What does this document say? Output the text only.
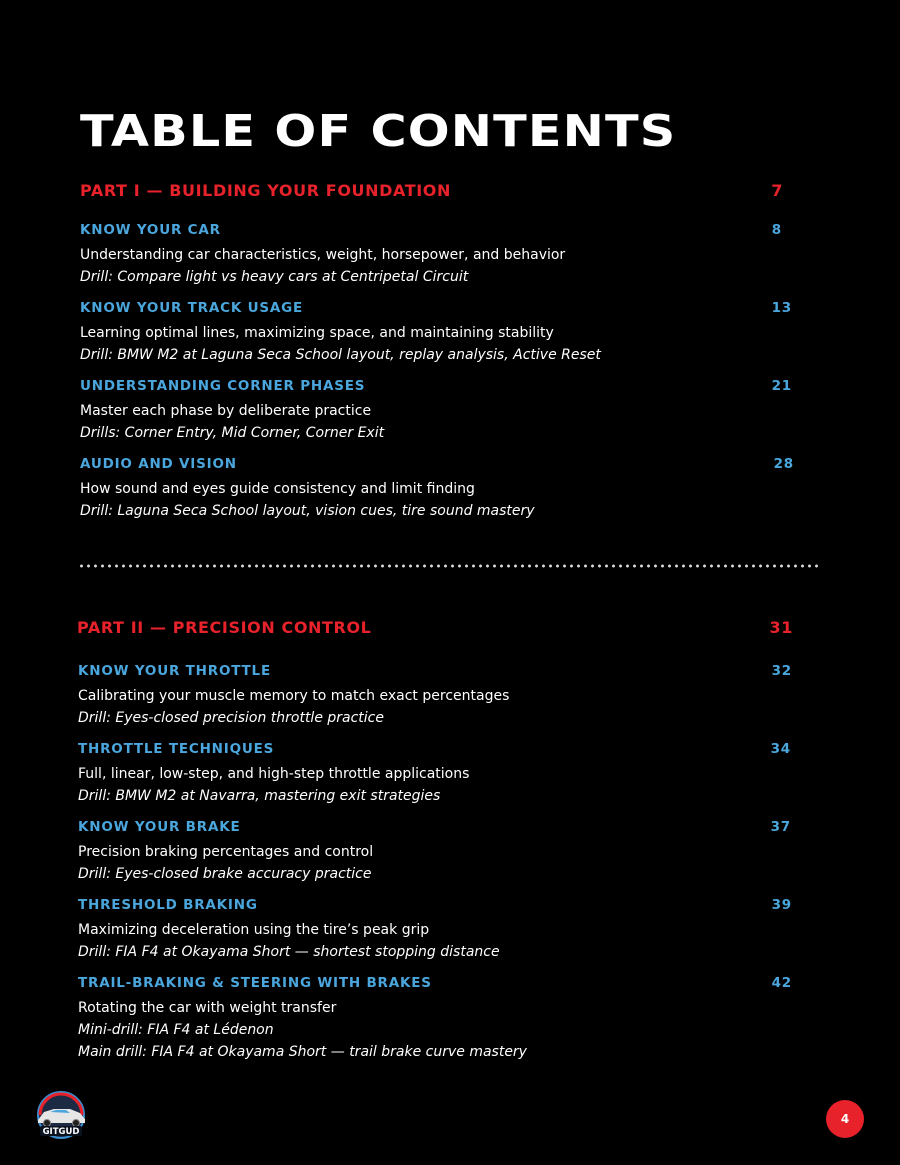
TABLE OF CONTENTS
PART I — BUILDING YOUR FOUNDATION	7
KNOW YOUR CAR	8
Understanding car characteristics, weight, horsepower, and behavior
Drill: Compare light vs heavy cars at Centripetal Circuit
KNOW YOUR TRACK USAGE	13
Learning optimal lines, maximizing space, and maintaining stability
Drill: BMW M2 at Laguna Seca School layout, replay analysis, Active Reset
UNDERSTANDING CORNER PHASES	21
Master each phase by deliberate practice
Drills: Corner Entry, Mid Corner, Corner Exit
AUDIO AND VISION	28
How sound and eyes guide consistency and limit finding
Drill: Laguna Seca School layout, vision cues, tire sound mastery
PART II — PRECISION CONTROL	31
KNOW YOUR THROTTLE	32
Calibrating your muscle memory to match exact percentages
Drill: Eyes-closed precision throttle practice
THROTTLE TECHNIQUES	34
Full, linear, low-step, and high-step throttle applications
Drill: BMW M2 at Navarra, mastering exit strategies
KNOW YOUR BRAKE	37
Precision braking percentages and control
Drill: Eyes-closed brake accuracy practice
THRESHOLD BRAKING	39
Maximizing deceleration using the tire’s peak grip
Drill: FIA F4 at Okayama Short — shortest stopping distance
TRAIL-BRAKING & STEERING WITH BRAKES	42
Rotating the car with weight transfer
Mini-drill: FIA F4 at Lédenon
Main drill: FIA F4 at Okayama Short — trail brake curve mastery
GITGUD
4
